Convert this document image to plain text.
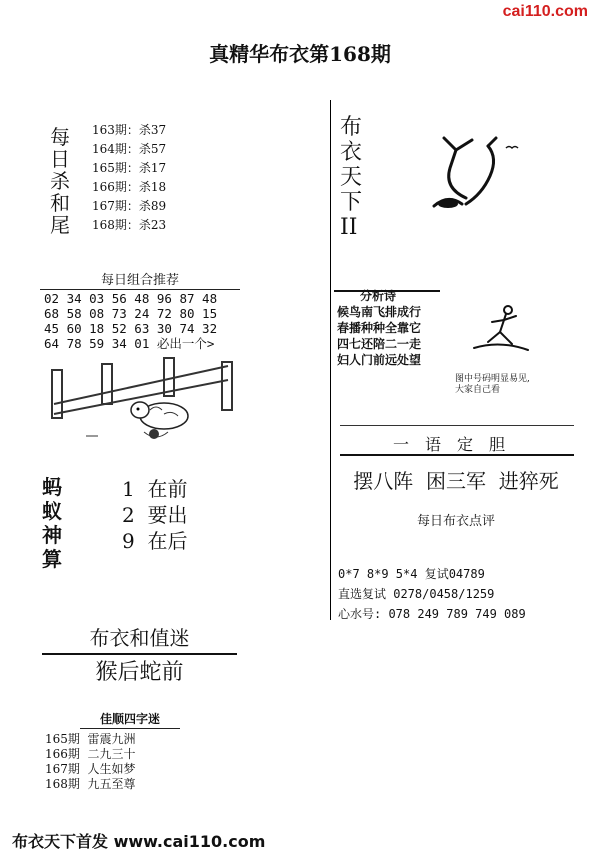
cai110.com
真精华布衣第168期
每
日
杀
和
尾
163期：杀37
164期：杀57
165期：杀17
166期：杀18
167期：杀89
168期：杀23
每日组合推荐
02 34 03 56 48 96 87 48
68 58 08 73 24 72 80 15
45 60 18 52 63 30 74 32
64 78 59 34 01 必出一个>
蚂
蚁
神
算
1  在前
2  要出
9  在后
布衣和值迷
猴后蛇前
佳顺四字迷
165期  雷震九洲
166期  二九三十
167期  人生如梦
168期  九五至尊
布
衣
天
下
II
分析诗
候鸟南飞排成行
春播种种全靠它
四七还陪二一走
妇人门前远处望
图中号码明显易见,
大家自己看
一语定胆
摆八阵  困三军  进猝死
每日布衣点评
0*7 8*9 5*4 复试04789
直选复试 0278/0458/1259
心水号: 078 249 789 749 089
布衣天下首发 www.cai110.com
